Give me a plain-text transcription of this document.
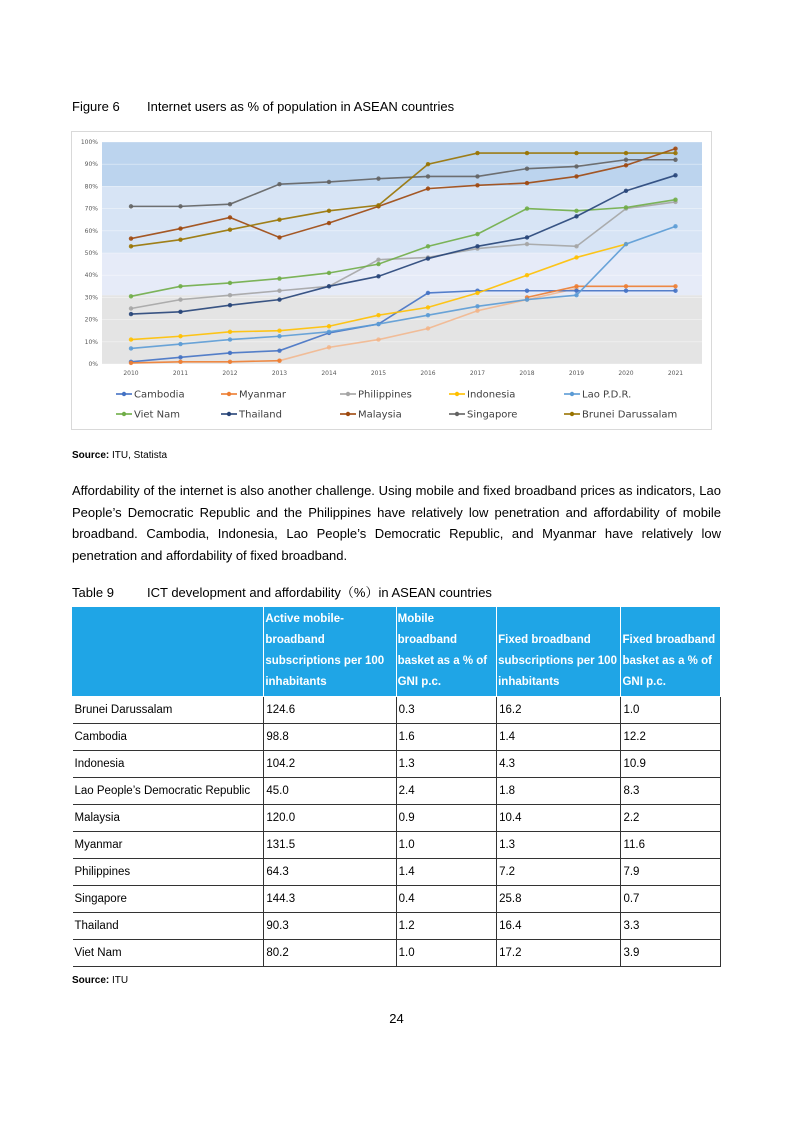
Figure 6 Internet users as % of population in ASEAN countries
0%
10%
20%
30%
40%
50%
60%
70%
80%
90%
100%
2010	2011	2012	2013	2014	2015	2016	2017	2018	2019	2020	2021
Cambodia	Myanmar	Philippines	Indonesia	Lao P.D.R.
Viet Nam	Thailand	Malaysia	Singapore	Brunei Darussalam
Source: ITU, Statista
Affordability of the internet is also another challenge. Using mobile and fixed broadband prices as indicators, Lao People’s Democratic Republic and the Philippines have relatively low penetration and affordability of mobile broadband. Cambodia, Indonesia, Lao People’s Democratic Republic, and Myanmar have relatively low penetration and affordability of fixed broadband.
Table 9	ICT development and affordability（%）in ASEAN countries
	Active mobile-broadband subscriptions per 100 inhabitants	Mobile broadband basket as a % of GNI p.c.	Fixed broadband subscriptions per 100 inhabitants	Fixed broadband basket as a % of GNI p.c.
Brunei Darussalam	124.6	0.3	16.2	1.0
Cambodia	98.8	1.6	1.4	12.2
Indonesia	104.2	1.3	4.3	10.9
Lao People’s Democratic Republic	45.0	2.4	1.8	8.3
Malaysia	120.0	0.9	10.4	2.2
Myanmar	131.5	1.0	1.3	11.6
Philippines	64.3	1.4	7.2	7.9
Singapore	144.3	0.4	25.8	0.7
Thailand	90.3	1.2	16.4	3.3
Viet Nam	80.2	1.0	17.2	3.9
Source: ITU
24
